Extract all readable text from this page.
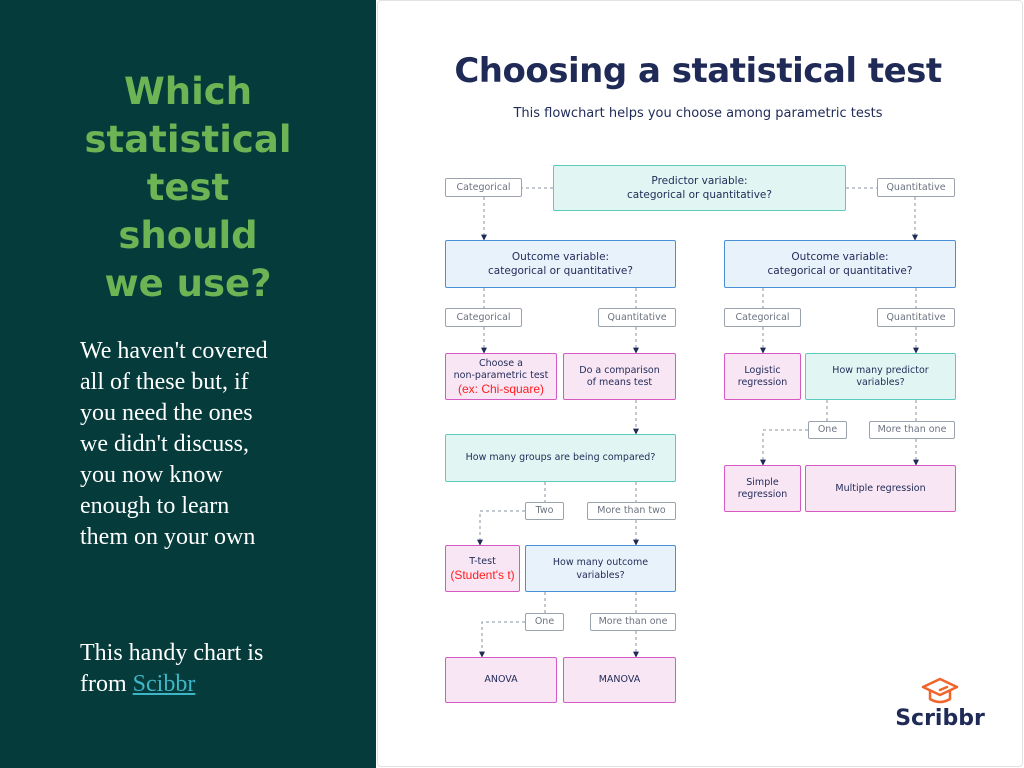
Which
statistical
test
should
we use?
We haven't covered
all of these but, if
you need the ones
we didn't discuss,
you now know
enough to learn
them on your own
This handy chart is
from Scibbr
Choosing a statistical test
This flowchart helps you choose among parametric tests
Categorical	Predictor variable:
categorical or quantitative?
Quantitative
Outcome variable:
categorical or quantitative?
Outcome variable:
categorical or quantitative?
Categorical	Quantitative	Categorical	Quantitative
Choose a
non-parametric test
(ex: Chi-square)
Do a comparison
of means test
Logistic
regression
How many predictor
variables?
How many groups are being compared?
One	More than one
Simple
regression
Multiple regression
Two	More than two
T-test
(Student's t)
How many outcome
variables?
One	More than one
ANOVA	MANOVA
Scribbr
